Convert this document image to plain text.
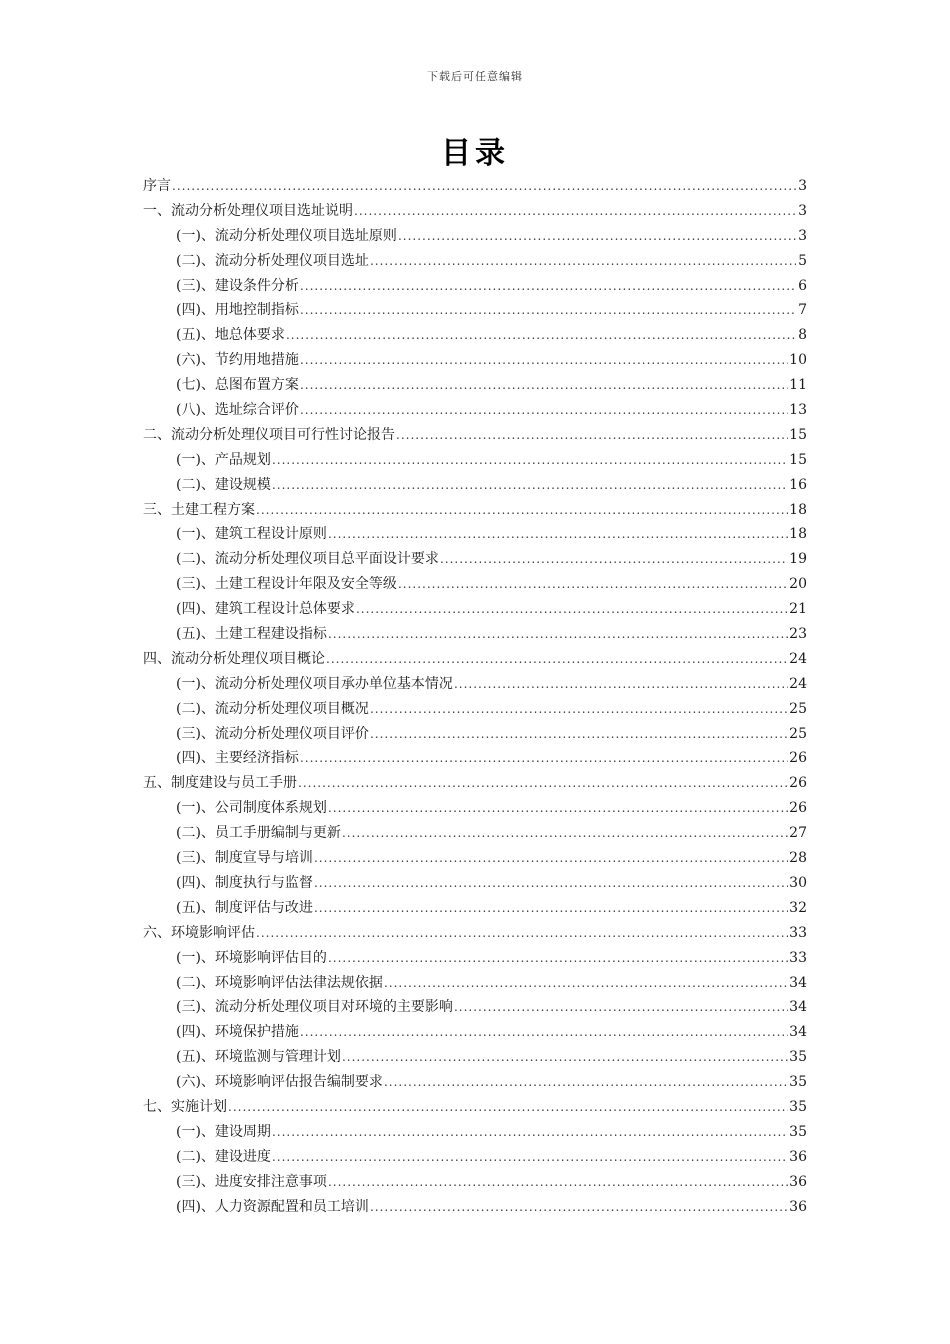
下载后可任意编辑
目录
序言 .....	3
一、流动分析处理仪项目选址说明 .....	3
(一)、流动分析处理仪项目选址原则 .....	3
(二)、流动分析处理仪项目选址 .....	5
(三)、建设条件分析 .....	6
(四)、用地控制指标 .....	7
(五)、地总体要求 .....	8
(六)、节约用地措施 .....	10
(七)、总图布置方案 .....	11
(八)、选址综合评价 .....	13
二、流动分析处理仪项目可行性讨论报告 .....	15
(一)、产品规划 .....	15
(二)、建设规模 .....	16
三、土建工程方案 .....	18
(一)、建筑工程设计原则 .....	18
(二)、流动分析处理仪项目总平面设计要求 .....	19
(三)、土建工程设计年限及安全等级 .....	20
(四)、建筑工程设计总体要求 .....	21
(五)、土建工程建设指标 .....	23
四、流动分析处理仪项目概论 .....	24
(一)、流动分析处理仪项目承办单位基本情况 .....	24
(二)、流动分析处理仪项目概况 .....	25
(三)、流动分析处理仪项目评价 .....	25
(四)、主要经济指标 .....	26
五、制度建设与员工手册 .....	26
(一)、公司制度体系规划 .....	26
(二)、员工手册编制与更新 .....	27
(三)、制度宣导与培训 .....	28
(四)、制度执行与监督 .....	30
(五)、制度评估与改进 .....	32
六、环境影响评估 .....	33
(一)、环境影响评估目的 .....	33
(二)、环境影响评估法律法规依据 .....	34
(三)、流动分析处理仪项目对环境的主要影响 .....	34
(四)、环境保护措施 .....	34
(五)、环境监测与管理计划 .....	35
(六)、环境影响评估报告编制要求 .....	35
七、实施计划 .....	35
(一)、建设周期 .....	35
(二)、建设进度 .....	36
(三)、进度安排注意事项 .....	36
(四)、人力资源配置和员工培训 .....	36
